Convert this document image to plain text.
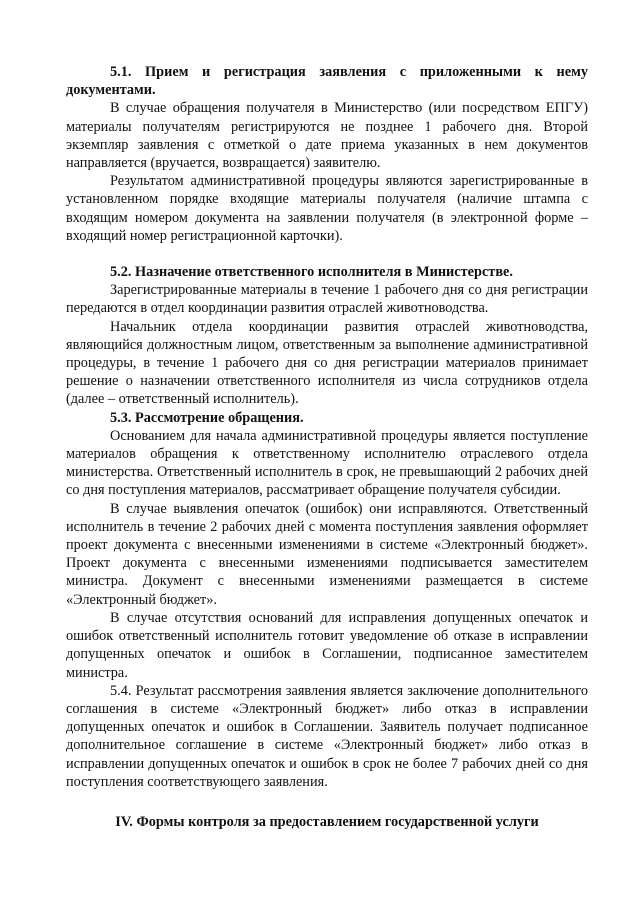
5.1. Прием и регистрация заявления с приложенными к нему документами.

В случае обращения получателя в Министерство (или посредством ЕПГУ) материалы получателям регистрируются не позднее 1 рабочего дня. Второй экземпляр заявления с отметкой о дате приема указанных в нем документов направляется (вручается, возвращается) заявителю.

Результатом административной процедуры являются зарегистрированные в установленном порядке входящие материалы получателя (наличие штампа с входящим номером документа на заявлении получателя (в электронной форме – входящий номер регистрационной карточки).

5.2. Назначение ответственного исполнителя в Министерстве.

Зарегистрированные материалы в течение 1 рабочего дня со дня регистрации передаются в отдел координации развития отраслей животноводства.

Начальник отдела координации развития отраслей животноводства, являющийся должностным лицом, ответственным за выполнение административной процедуры, в течение 1 рабочего дня со дня регистрации материалов принимает решение о назначении ответственного исполнителя из числа сотрудников отдела (далее – ответственный исполнитель).

5.3. Рассмотрение обращения.

Основанием для начала административной процедуры является поступление материалов обращения к ответственному исполнителю отраслевого отдела министерства. Ответственный исполнитель в срок, не превышающий 2 рабочих дней со дня поступления материалов, рассматривает обращение получателя субсидии.

В случае выявления опечаток (ошибок) они исправляются. Ответственный исполнитель в течение 2 рабочих дней с момента поступления заявления оформляет проект документа с внесенными изменениями в системе «Электронный бюджет». Проект документа с внесенными изменениями подписывается заместителем министра. Документ с внесенными изменениями размещается в системе «Электронный бюджет».

В случае отсутствия оснований для исправления допущенных опечаток и ошибок ответственный исполнитель готовит уведомление об отказе в исправлении допущенных опечаток и ошибок в Соглашении, подписанное заместителем министра.

5.4. Результат рассмотрения заявления является заключение дополнительного соглашения в системе «Электронный бюджет» либо отказ в исправлении допущенных опечаток и ошибок в Соглашении. Заявитель получает подписанное дополнительное соглашение в системе «Электронный бюджет» либо отказ в исправлении допущенных опечаток и ошибок в срок не более 7 рабочих дней со дня поступления соответствующего заявления.

IV. Формы контроля за предоставлением государственной услуги
